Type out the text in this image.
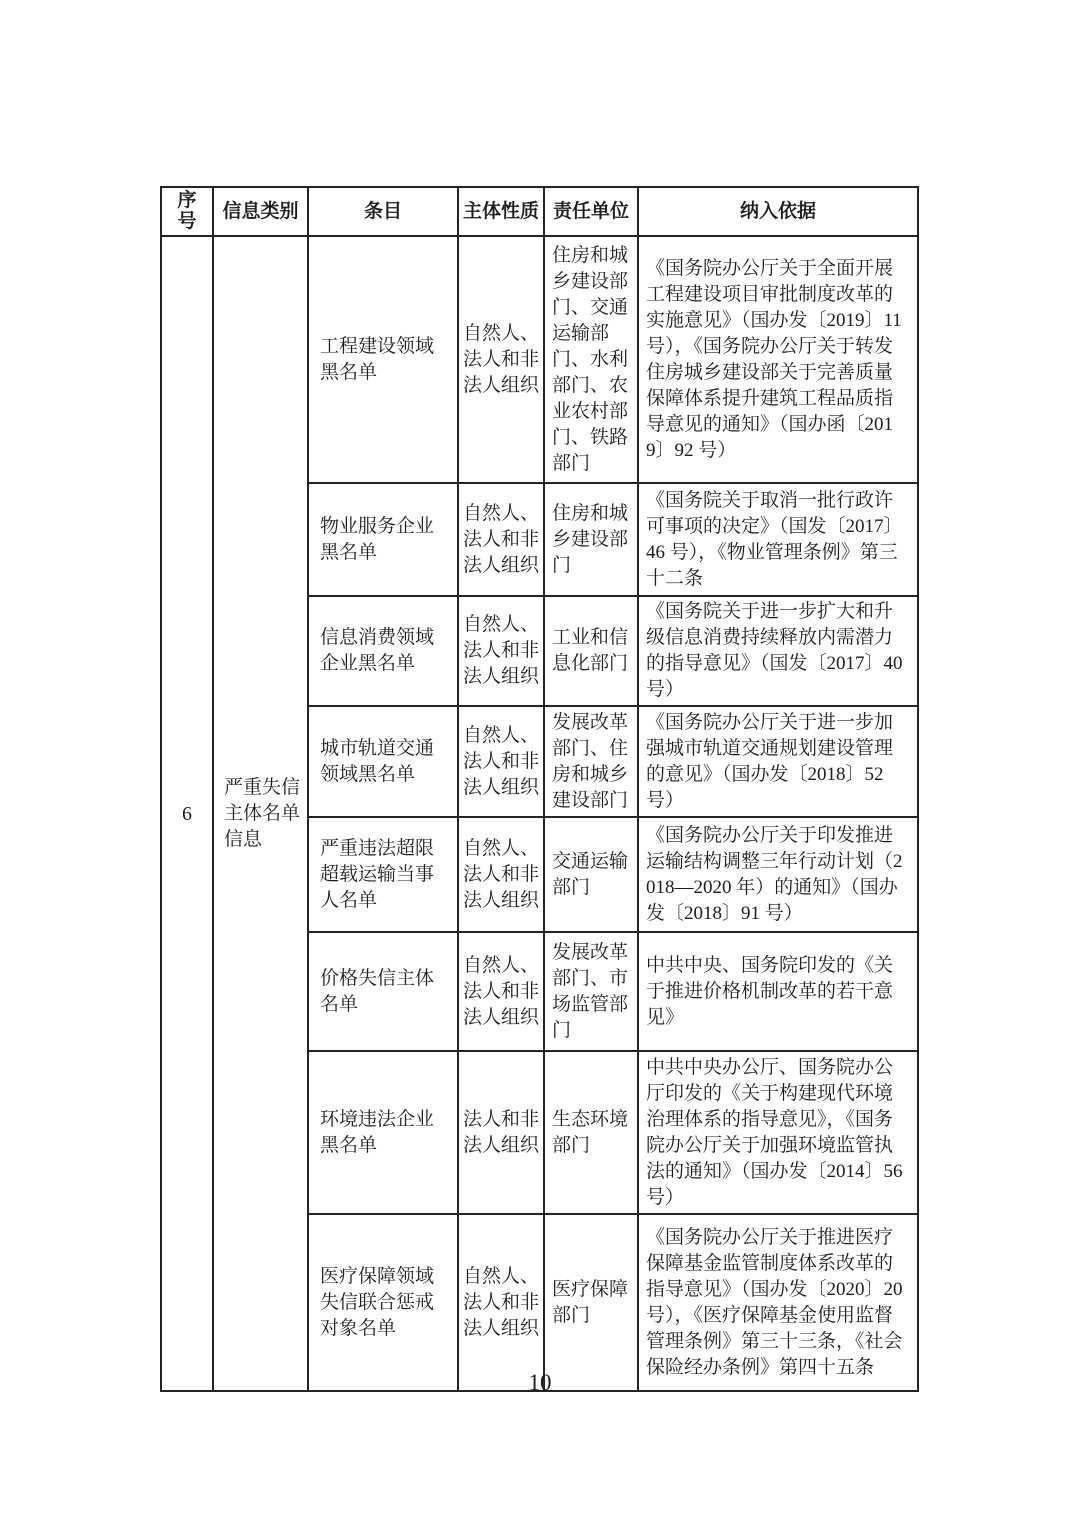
序号	信息类别	条目	主体性质	责任单位	纳入依据
6	严重失信主体名单信息	工程建设领域黑名单	自然人、法人和非法人组织	住房和城乡建设部门、交通运输部门、水利部门、农业农村部门、铁路部门	《国务院办公厅关于全面开展工程建设项目审批制度改革的实施意见》（国办发〔2019〕11 号），《国务院办公厅关于转发住房城乡建设部关于完善质量保障体系提升建筑工程品质指导意见的通知》（国办函〔2019〕92 号）
		物业服务企业黑名单	自然人、法人和非法人组织	住房和城乡建设部门	《国务院关于取消一批行政许可事项的决定》（国发〔2017〕46 号），《物业管理条例》第三十二条
		信息消费领域企业黑名单	自然人、法人和非法人组织	工业和信息化部门	《国务院关于进一步扩大和升级信息消费持续释放内需潜力的指导意见》（国发〔2017〕40 号）
		城市轨道交通领域黑名单	自然人、法人和非法人组织	发展改革部门、住房和城乡建设部门	《国务院办公厅关于进一步加强城市轨道交通规划建设管理的意见》（国办发〔2018〕52 号）
		严重违法超限超载运输当事人名单	自然人、法人和非法人组织	交通运输部门	《国务院办公厅关于印发推进运输结构调整三年行动计划（2018—2020 年）的通知》（国办发〔2018〕91 号）
		价格失信主体名单	自然人、法人和非法人组织	发展改革部门、市场监管部门	中共中央、国务院印发的《关于推进价格机制改革的若干意见》
		环境违法企业黑名单	法人和非法人组织	生态环境部门	中共中央办公厅、国务院办公厅印发的《关于构建现代环境治理体系的指导意见》，《国务院办公厅关于加强环境监管执法的通知》（国办发〔2014〕56 号）
		医疗保障领域失信联合惩戒对象名单	自然人、法人和非法人组织	医疗保障部门	《国务院办公厅关于推进医疗保障基金监管制度体系改革的指导意见》（国办发〔2020〕20 号），《医疗保障基金使用监督管理条例》第三十三条，《社会保险经办条例》第四十五条
10
